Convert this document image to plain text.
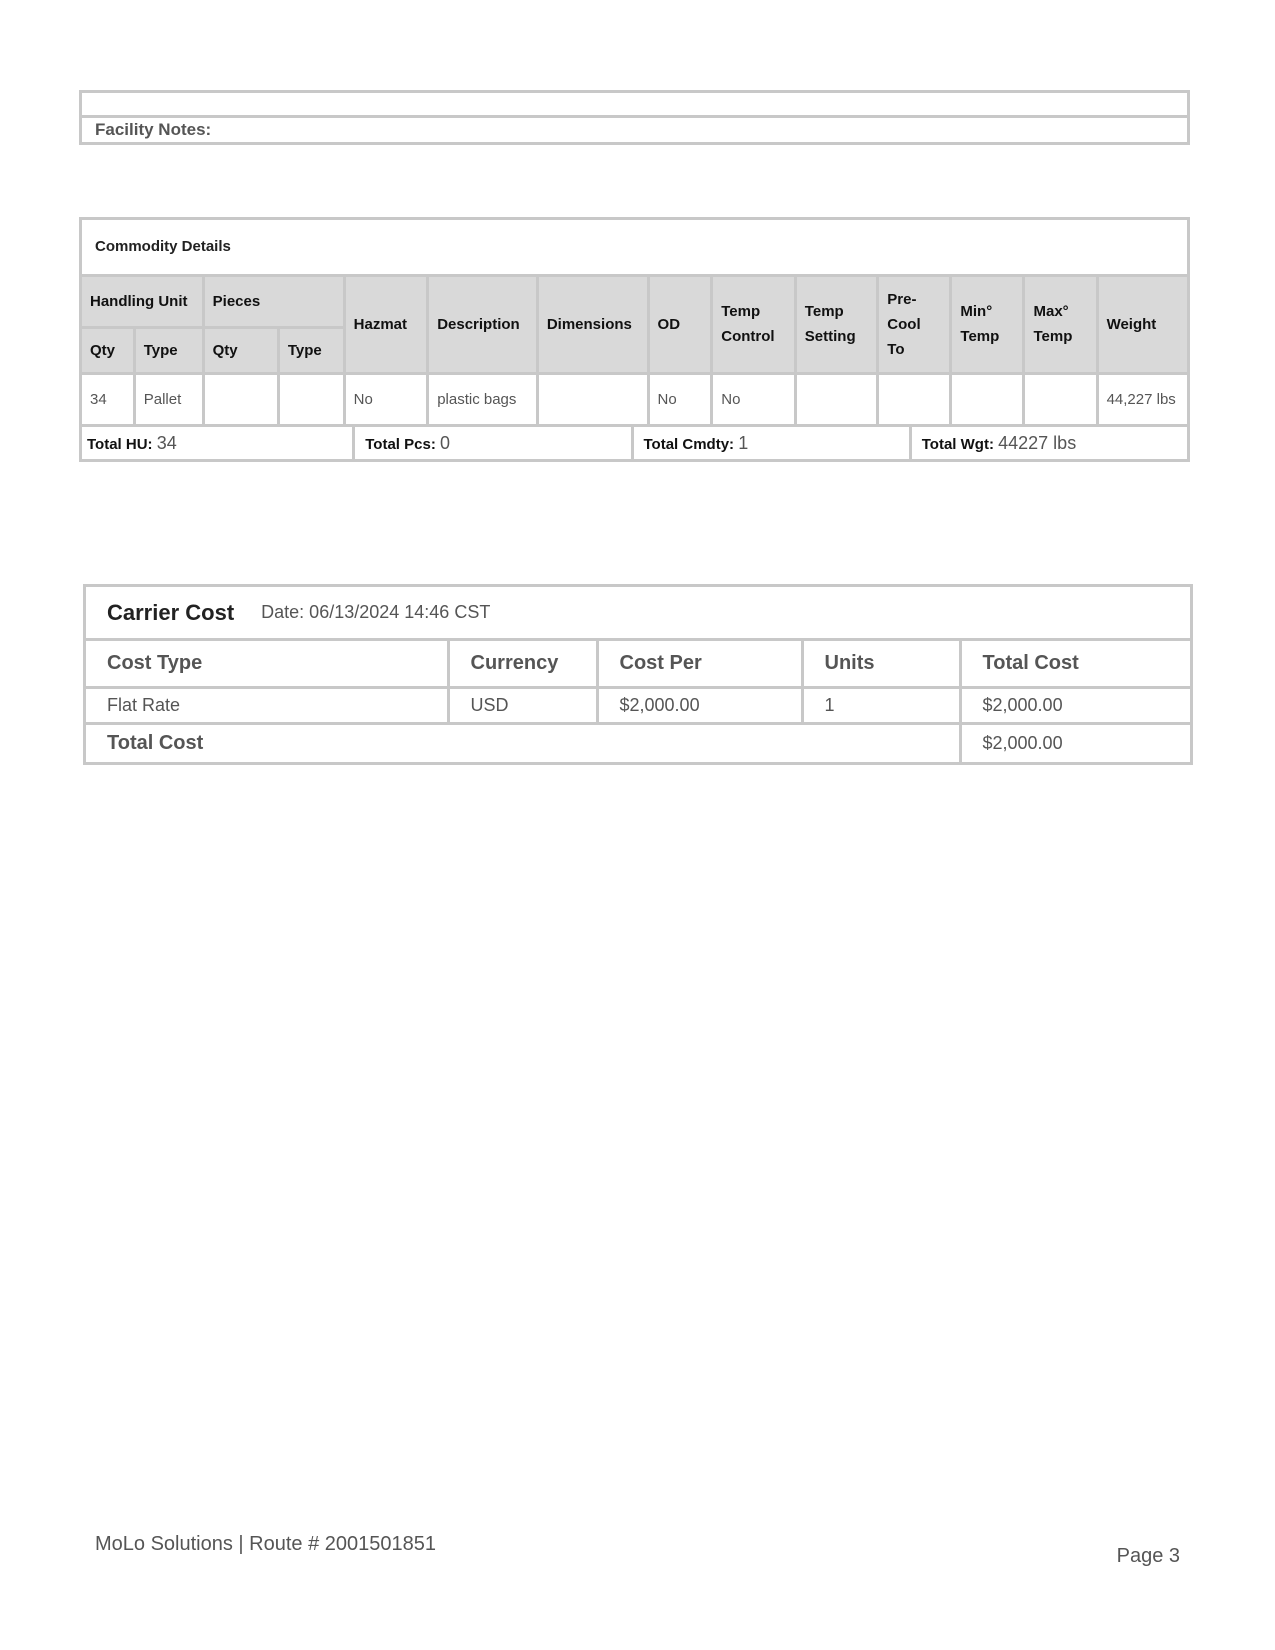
Facility Notes:
Commodity Details
Handling Unit		Pieces		Hazmat	Description	Dimensions	OD	Temp Control	Temp Setting	Pre-Cool To	Min° Temp	Max° Temp	Weight
Qty	Type	Qty	Type										
34	Pallet			No	plastic bags		No	No					44,227 lbs
Total HU: 34	Total Pcs: 0	Total Cmdty: 1	Total Wgt: 44227 lbs
Carrier Cost Date: 06/13/2024 14:46 CST
Cost Type	Currency	Cost Per	Units	Total Cost
Flat Rate	USD	$2,000.00	1	$2,000.00
Total Cost				$2,000.00
MoLo Solutions | Route # 2001501851
Page 3
